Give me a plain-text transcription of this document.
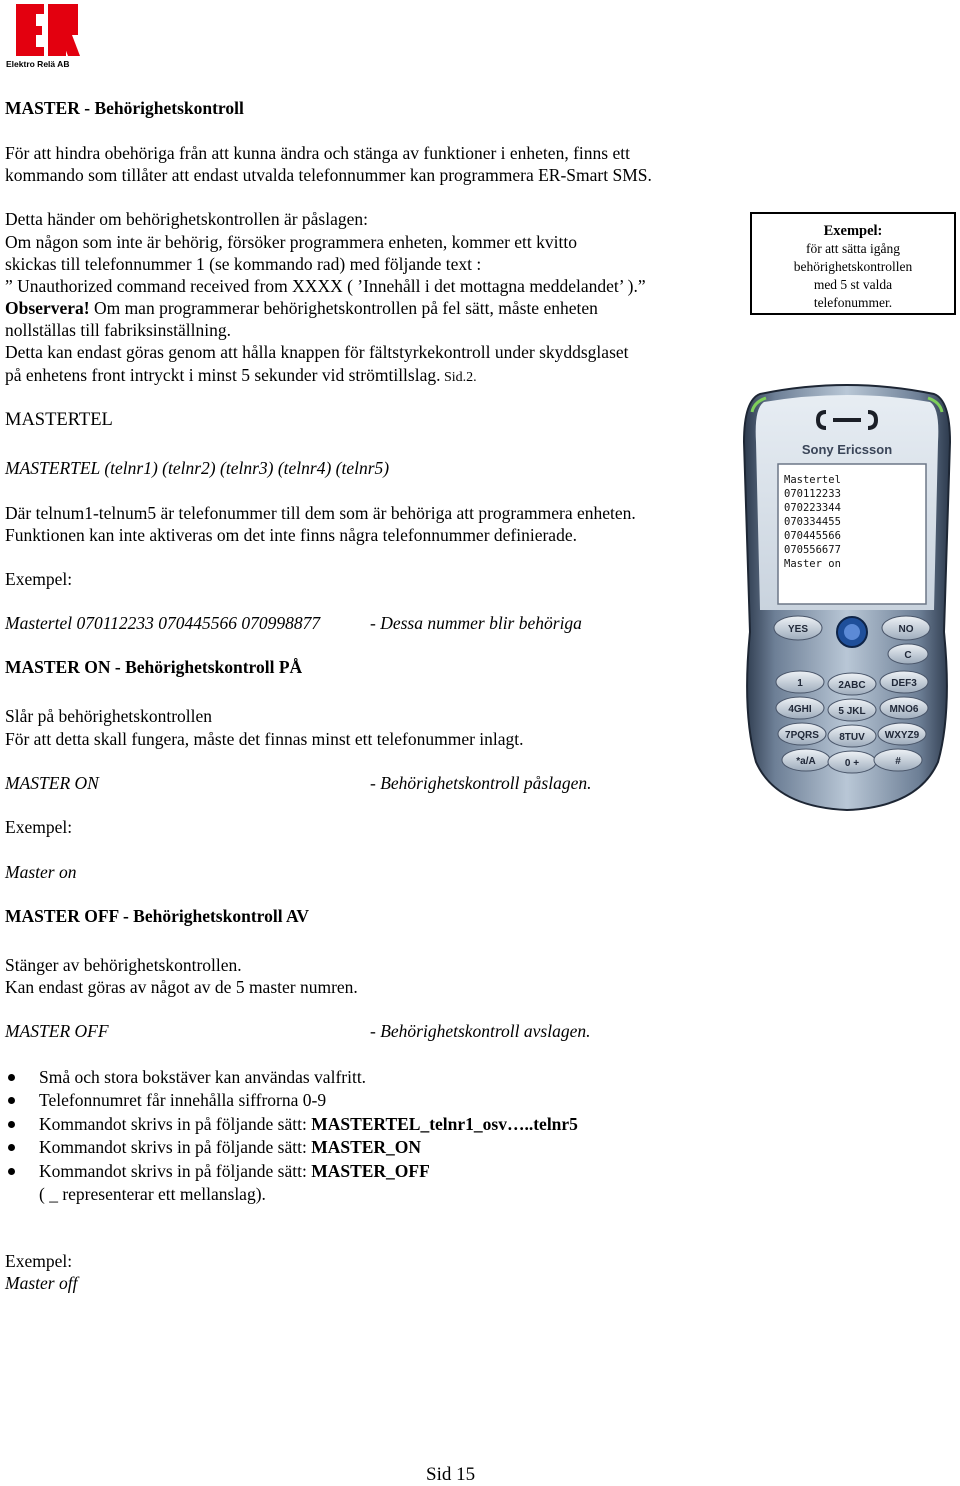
Elektro Relä AB
MASTER - Behörighetskontroll
För att hindra obehöriga från att kunna ändra och stänga av funktioner i enheten, finns ett
kommando som tillåter att endast utvalda telefonnummer kan programmera ER-Smart SMS.
Detta händer om behörighetskontrollen är påslagen:
Om någon som inte är behörig, försöker programmera enheten, kommer ett kvitto
skickas till telefonnummer 1 (se kommando rad) med följande text :
” Unauthorized command received from XXXX ( ’Innehåll i det mottagna meddelandet’ ).”
Observera! Om man programmerar behörighetskontrollen på fel sätt, måste enheten
nollställas till fabriksinställning.
Detta kan endast göras genom att hålla knappen för fältstyrkekontroll under skyddsglaset
på enhetens front intryckt i minst 5 sekunder vid strömtillslag. Sid.2.
Exempel:
för att sätta igång
behörighetskontrollen
med 5 st valda
telefonummer.
MASTERTEL
MASTERTEL (telnr1) (telnr2) (telnr3) (telnr4) (telnr5)
Där telnum1-telnum5 är telefonummer till dem som är behöriga att programmera enheten.
Funktionen kan inte aktiveras om det inte finns några telefonnummer definierade.
Exempel:
Mastertel 070112233 070445566 070998877	- Dessa nummer blir behöriga
Sony Ericsson
Mastertel
070112233
070223344
070334455
070445566
070556677
Master on
YES	NO
C
1	2ABC	DEF3
4GHI	5 JKL MNO6
7PQRS 8TUV WXYZ9
*a/A	0 +	#
MASTER ON - Behörighetskontroll PÅ
Slår på behörighetskontrollen
För att detta skall fungera, måste det finnas minst ett telefonummer inlagt.
MASTER ON	- Behörighetskontroll påslagen.
Exempel:
Master on
MASTER OFF - Behörighetskontroll AV
Stänger av behörighetskontrollen.
Kan endast göras av något av de 5 master numren.
MASTER OFF	- Behörighetskontroll avslagen.
Små och stora bokstäver kan användas valfritt.
Telefonnumret får innehålla siffrorna 0-9
Kommandot skrivs in på följande sätt: MASTERTEL_telnr1_osv…..telnr5
Kommandot skrivs in på följande sätt: MASTER_ON
Kommandot skrivs in på följande sätt: MASTER_OFF
( _ representerar ett mellanslag).
Exempel:
Master off
Sid 15
